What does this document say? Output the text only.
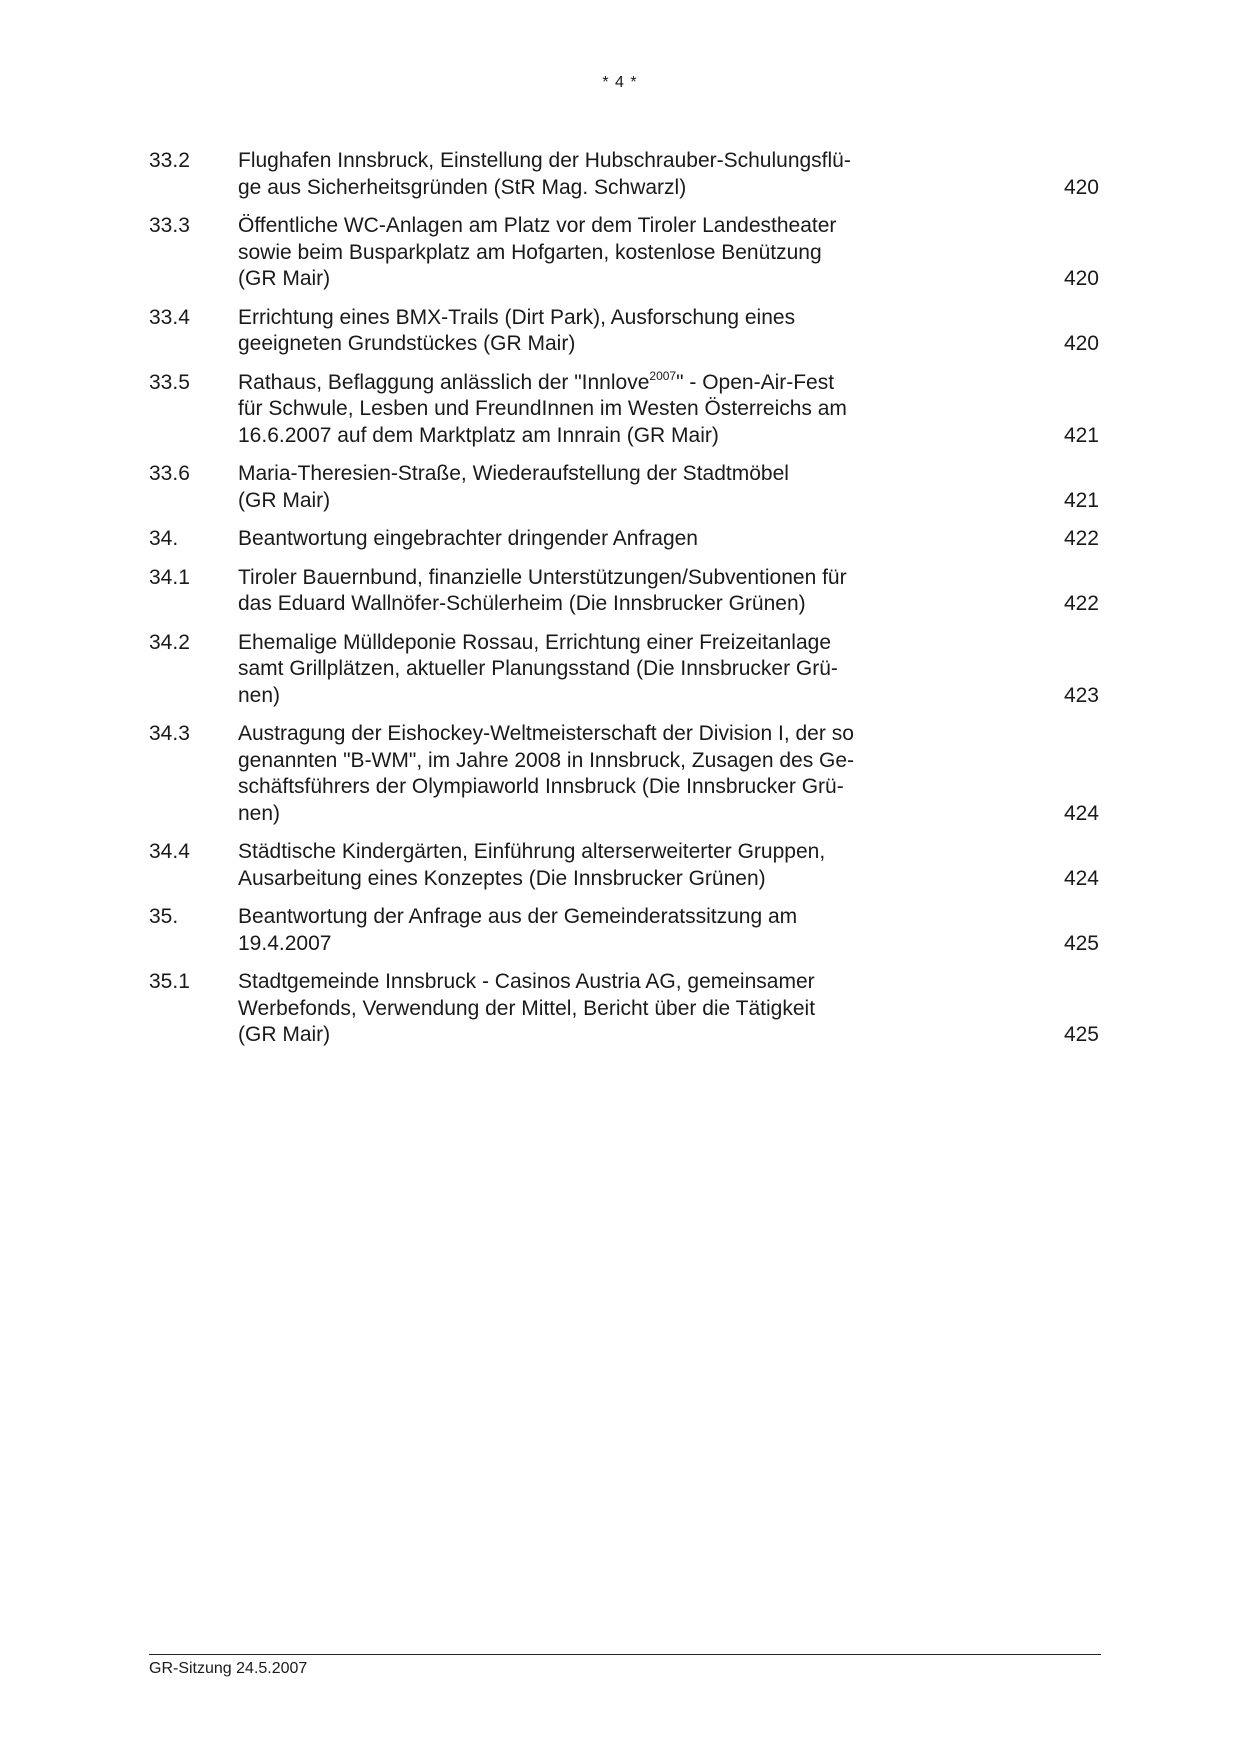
* 4 *
33.2	Flughafen Innsbruck, Einstellung der Hubschrauber-Schulungsflü-
ge aus Sicherheitsgründen (StR Mag. Schwarzl)	420
33.3	Öffentliche WC-Anlagen am Platz vor dem Tiroler Landestheater
sowie beim Busparkplatz am Hofgarten, kostenlose Benützung
(GR Mair)	420
33.4	Errichtung eines BMX-Trails (Dirt Park), Ausforschung eines
geeigneten Grundstückes (GR Mair)	420
33.5	Rathaus, Beflaggung anlässlich der "Innlove$^{2007}$" - Open-Air-Fest
für Schwule, Lesben und FreundInnen im Westen Österreichs am
16.6.2007 auf dem Marktplatz am Innrain (GR Mair)	421
33.6	Maria-Theresien-Straße, Wiederaufstellung der Stadtmöbel
(GR Mair)	421
34.	Beantwortung eingebrachter dringender Anfragen	422
34.1	Tiroler Bauernbund, finanzielle Unterstützungen/Subventionen für
das Eduard Wallnöfer-Schülerheim (Die Innsbrucker Grünen)	422
34.2	Ehemalige Mülldeponie Rossau, Errichtung einer Freizeitanlage
samt Grillplätzen, aktueller Planungsstand (Die Innsbrucker Grü-
nen)	423
34.3	Austragung der Eishockey-Weltmeisterschaft der Division I, der so
genannten "B-WM", im Jahre 2008 in Innsbruck, Zusagen des Ge-
schäftsführers der Olympiaworld Innsbruck (Die Innsbrucker Grü-
nen)	424
34.4	Städtische Kindergärten, Einführung alterserweiterter Gruppen,
Ausarbeitung eines Konzeptes (Die Innsbrucker Grünen)	424
35.	Beantwortung der Anfrage aus der Gemeinderatssitzung am
19.4.2007	425
35.1	Stadtgemeinde Innsbruck - Casinos Austria AG, gemeinsamer
Werbefonds, Verwendung der Mittel, Bericht über die Tätigkeit
(GR Mair)	425
GR-Sitzung 24.5.2007
